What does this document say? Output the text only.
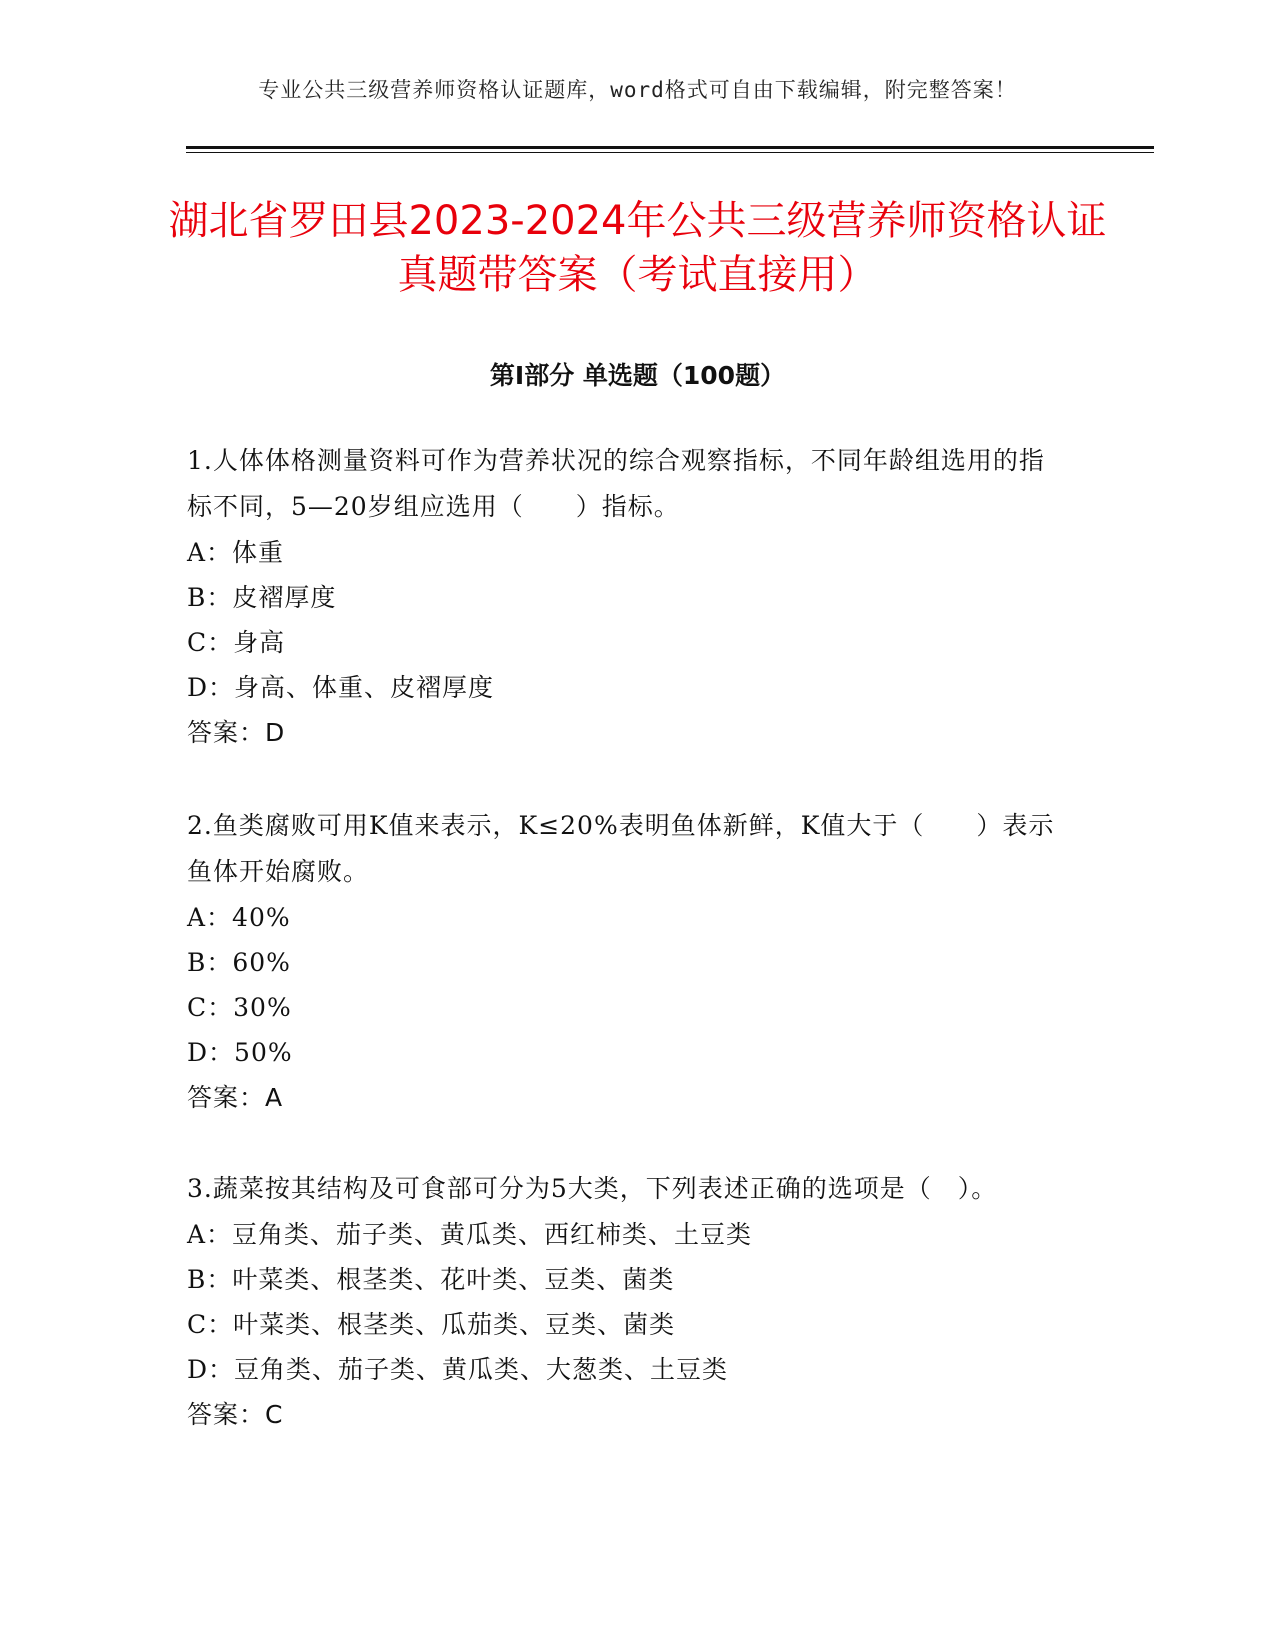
专业公共三级营养师资格认证题库，word格式可自由下载编辑，附完整答案！
湖北省罗田县2023-2024年公共三级营养师资格认证真题带答案（考试直接用）
第Ⅰ部分 单选题（100题）

1.人体体格测量资料可作为营养状况的综合观察指标，不同年龄组选用的指标不同，5—20岁组应选用（　　）指标。

A：体重

B：皮褶厚度

C：身高

D：身高、体重、皮褶厚度

答案：D

2.鱼类腐败可用K值来表示，K≤20%表明鱼体新鲜，K值大于（　　）表示鱼体开始腐败。

A：40%

B：60%

C：30%

D：50%

答案：A

3.蔬菜按其结构及可食部可分为5大类，下列表述正确的选项是（　）。

A：豆角类、茄子类、黄瓜类、西红柿类、土豆类

B：叶菜类、根茎类、花叶类、豆类、菌类

C：叶菜类、根茎类、瓜茄类、豆类、菌类

D：豆角类、茄子类、黄瓜类、大葱类、土豆类

答案：C
